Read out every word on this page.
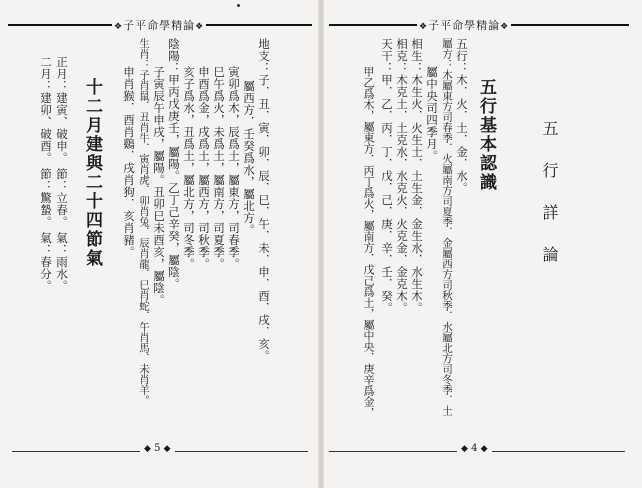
❖子平命學精論❖
地支：子．丑．寅．卯．辰．巳．午．未．申．酉．戌．亥。
屬西方．壬癸爲水，屬北方。
寅卯爲木，辰爲土，屬東方，司春季。
巳午爲火，未爲土，屬南方，司夏季。
申酉爲金，戌爲土，屬西方，司秋季。
亥子爲水，丑爲土，屬北方，司冬季。
陰陽：甲丙戊庚壬，屬陽。乙丁己辛癸，屬陰。
子寅辰午申戌，屬陽。丑卯巳未酉亥，屬陰。
生肖：子肖鼠．丑肖牛．寅肖虎．卯肖兔．辰肖龍．巳肖蛇．午肖馬．未肖羊。
申肖猴．酉肖鷄．戌肖狗．亥肖豬。
十二月建與二十四節氣
正月：建寅、破申。
節：立春。
氣：雨水。
二月：建卯、破酉。
節：驚蟄。
氣：春分。
◆ 5 ◆
❖子平命學精論❖
五行詳論
五行基本認識
五行：木．火．土．金．水。
屬方：木屬東方司春季．火屬南方司夏季．金屬西方司秋季．水屬北方司冬季．土
屬中央司四季月。
相生：木生火．火生土．土生金．金生水．水生木。
相克：木克土．土克水．水克火．火克金．金克木。
天干：甲．乙．丙．丁．戊．己．庚．辛．壬．癸。
甲乙爲木，屬東方．丙丁爲火，屬南方．戊己爲土，屬中央．庚辛爲金，
◆ 4 ◆
